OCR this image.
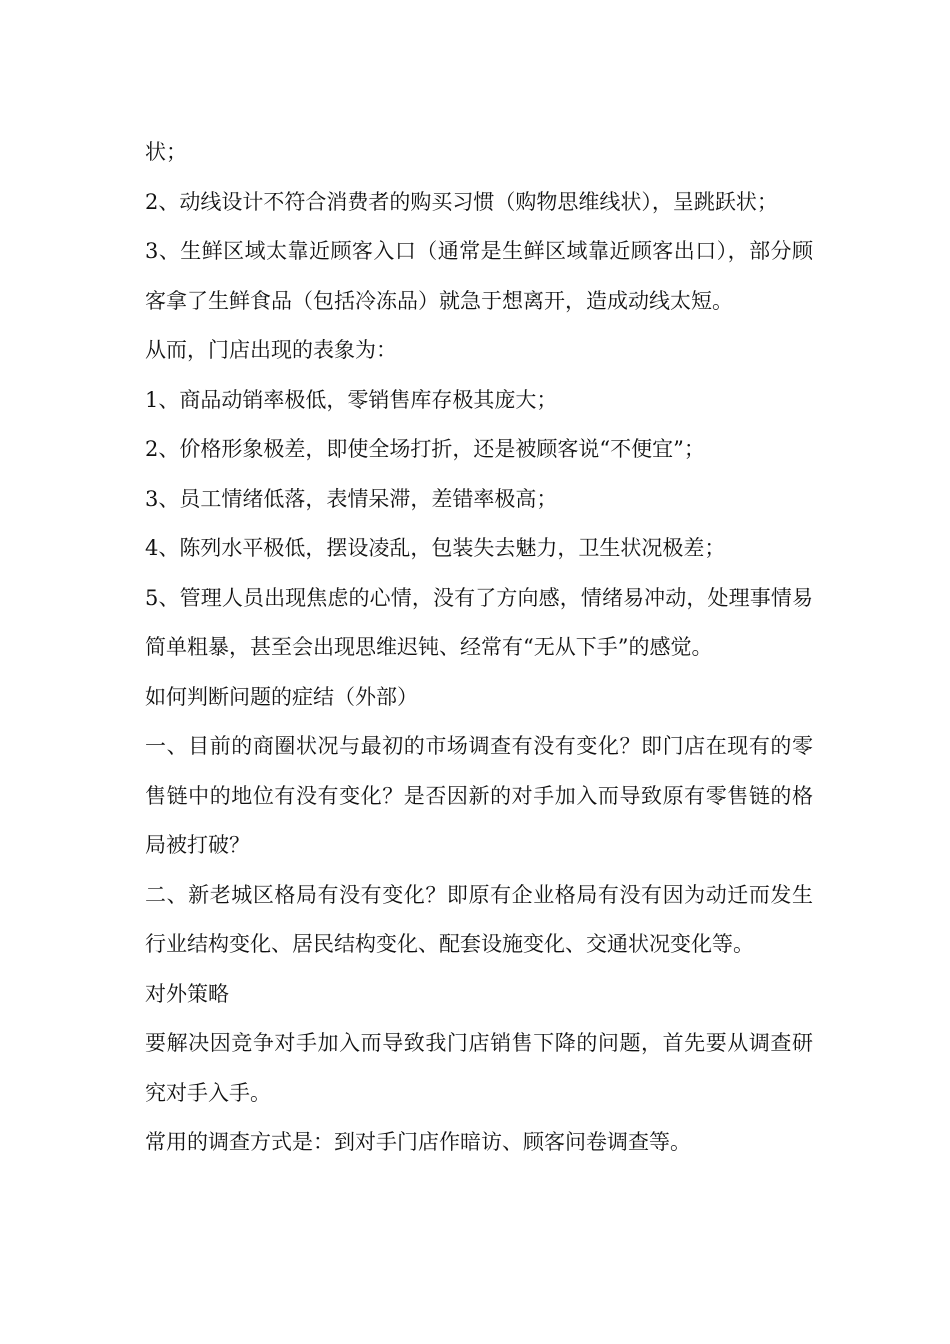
状；

2、动线设计不符合消费者的购买习惯（购物思维线状），呈跳跃状；

3、生鲜区域太靠近顾客入口（通常是生鲜区域靠近顾客出口），部分顾客拿了生鲜食品（包括冷冻品）就急于想离开，造成动线太短。

从而，门店出现的表象为：

1、商品动销率极低，零销售库存极其庞大；

2、价格形象极差，即使全场打折，还是被顾客说“不便宜”；

3、员工情绪低落，表情呆滞，差错率极高；

4、陈列水平极低，摆设凌乱，包装失去魅力，卫生状况极差；

5、管理人员出现焦虑的心情，没有了方向感，情绪易冲动，处理事情易简单粗暴，甚至会出现思维迟钝、经常有“无从下手”的感觉。

如何判断问题的症结（外部）

一、目前的商圈状况与最初的市场调查有没有变化？即门店在现有的零售链中的地位有没有变化？是否因新的对手加入而导致原有零售链的格局被打破？

二、新老城区格局有没有变化？即原有企业格局有没有因为动迁而发生行业结构变化、居民结构变化、配套设施变化、交通状况变化等。

对外策略

要解决因竞争对手加入而导致我门店销售下降的问题，首先要从调查研究对手入手。

常用的调查方式是：到对手门店作暗访、顾客问卷调查等。
